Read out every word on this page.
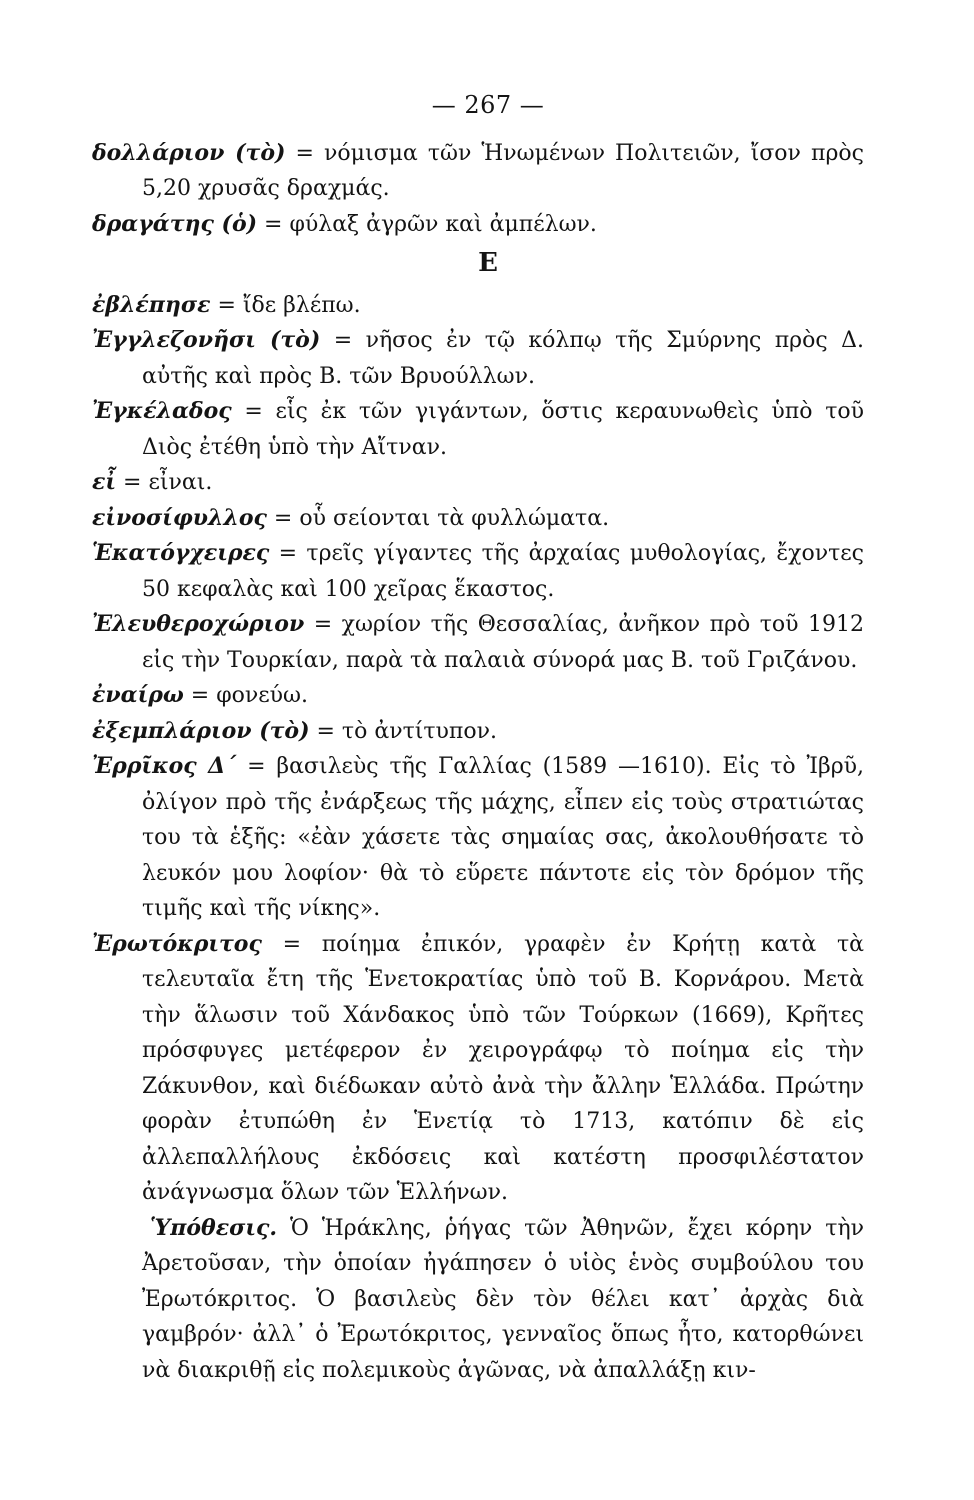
— 267 —

δολλάριον (τὸ) = νόμισμα τῶν Ἡνωμένων Πολιτειῶν, ἴσον πρὸς 5,20 χρυσᾶς δραχμάς.

δραγάτης (ὁ) = φύλαξ ἀγρῶν καὶ ἀμπέλων.

Ε

ἐβλέπησε = ἴδε βλέπω.

Ἐγγλεζονῆσι (τὸ) = νῆσος ἐν τῷ κόλπῳ τῆς Σμύρνης πρὸς Δ. αὐτῆς καὶ πρὸς Β. τῶν Βρυούλλων.

Ἐγκέλαδος = εἷς ἐκ τῶν γιγάντων, ὅστις κεραυνωθεὶς ὑπὸ τοῦ Διὸς ἐτέθη ὑπὸ τὴν Αἴτναν.

εἶ = εἶναι.

εἰνοσίφυλλος = οὗ σείονται τὰ φυλλώματα.

Ἑκατόγχειρες = τρεῖς γίγαντες τῆς ἀρχαίας μυθολογίας, ἔχοντες 50 κεφαλὰς καὶ 100 χεῖρας ἕκαστος.

Ἐλευθεροχώριον = χωρίον τῆς Θεσσαλίας, ἀνῆκον πρὸ τοῦ 1912 εἰς τὴν Τουρκίαν, παρὰ τὰ παλαιὰ σύνορά μας Β. τοῦ Γριζάνου.

ἐναίρω = φονεύω.

ἐξεμπλάριον (τὸ) = τὸ ἀντίτυπον.

Ἐρρῖκος Δ΄ = βασιλεὺς τῆς Γαλλίας (1589 —1610). Εἰς τὸ Ἰβρῦ, ὀλίγον πρὸ τῆς ἐνάρξεως τῆς μάχης, εἶπεν εἰς τοὺς στρατιώτας του τὰ ἑξῆς: «ἐὰν χάσετε τὰς σημαίας σας, ἀκολουθήσατε τὸ λευκόν μου λοφίον· θὰ τὸ εὕρετε πάντοτε εἰς τὸν δρόμον τῆς τιμῆς καὶ τῆς νίκης».

Ἐρωτόκριτος = ποίημα ἐπικόν, γραφὲν ἐν Κρήτῃ κατὰ τὰ τελευταῖα ἔτη τῆς Ἑνετοκρατίας ὑπὸ τοῦ Β. Κορνάρου. Μετὰ τὴν ἅλωσιν τοῦ Χάνδακος ὑπὸ τῶν Τούρκων (1669), Κρῆτες πρόσφυγες μετέφερον ἐν χειρογράφῳ τὸ ποίημα εἰς τὴν Ζάκυνθον, καὶ διέδωκαν αὐτὸ ἀνὰ τὴν ἄλλην Ἑλλάδα. Πρώτην φορὰν ἐτυπώθη ἐν Ἑνετίᾳ τὸ 1713, κατόπιν δὲ εἰς ἀλλεπαλλήλους ἐκδόσεις καὶ κατέστη προσφιλέστατον ἀνάγνωσμα ὅλων τῶν Ἑλλήνων.

Ὑπόθεσις. Ὁ Ἡράκλης, ῥήγας τῶν Ἀθηνῶν, ἔχει κόρην τὴν Ἀρετοῦσαν, τὴν ὁποίαν ἠγάπησεν ὁ υἱὸς ἑνὸς συμβούλου του Ἐρωτόκριτος. Ὁ βασιλεὺς δὲν τὸν θέλει κατ᾽ ἀρχὰς διὰ γαμβρόν· ἀλλ᾽ ὁ Ἐρωτόκριτος, γενναῖος ὅπως ἦτο, κατορθώνει νὰ διακριθῇ εἰς πολεμικοὺς ἀγῶνας, νὰ ἀπαλλάξῃ κιν-
